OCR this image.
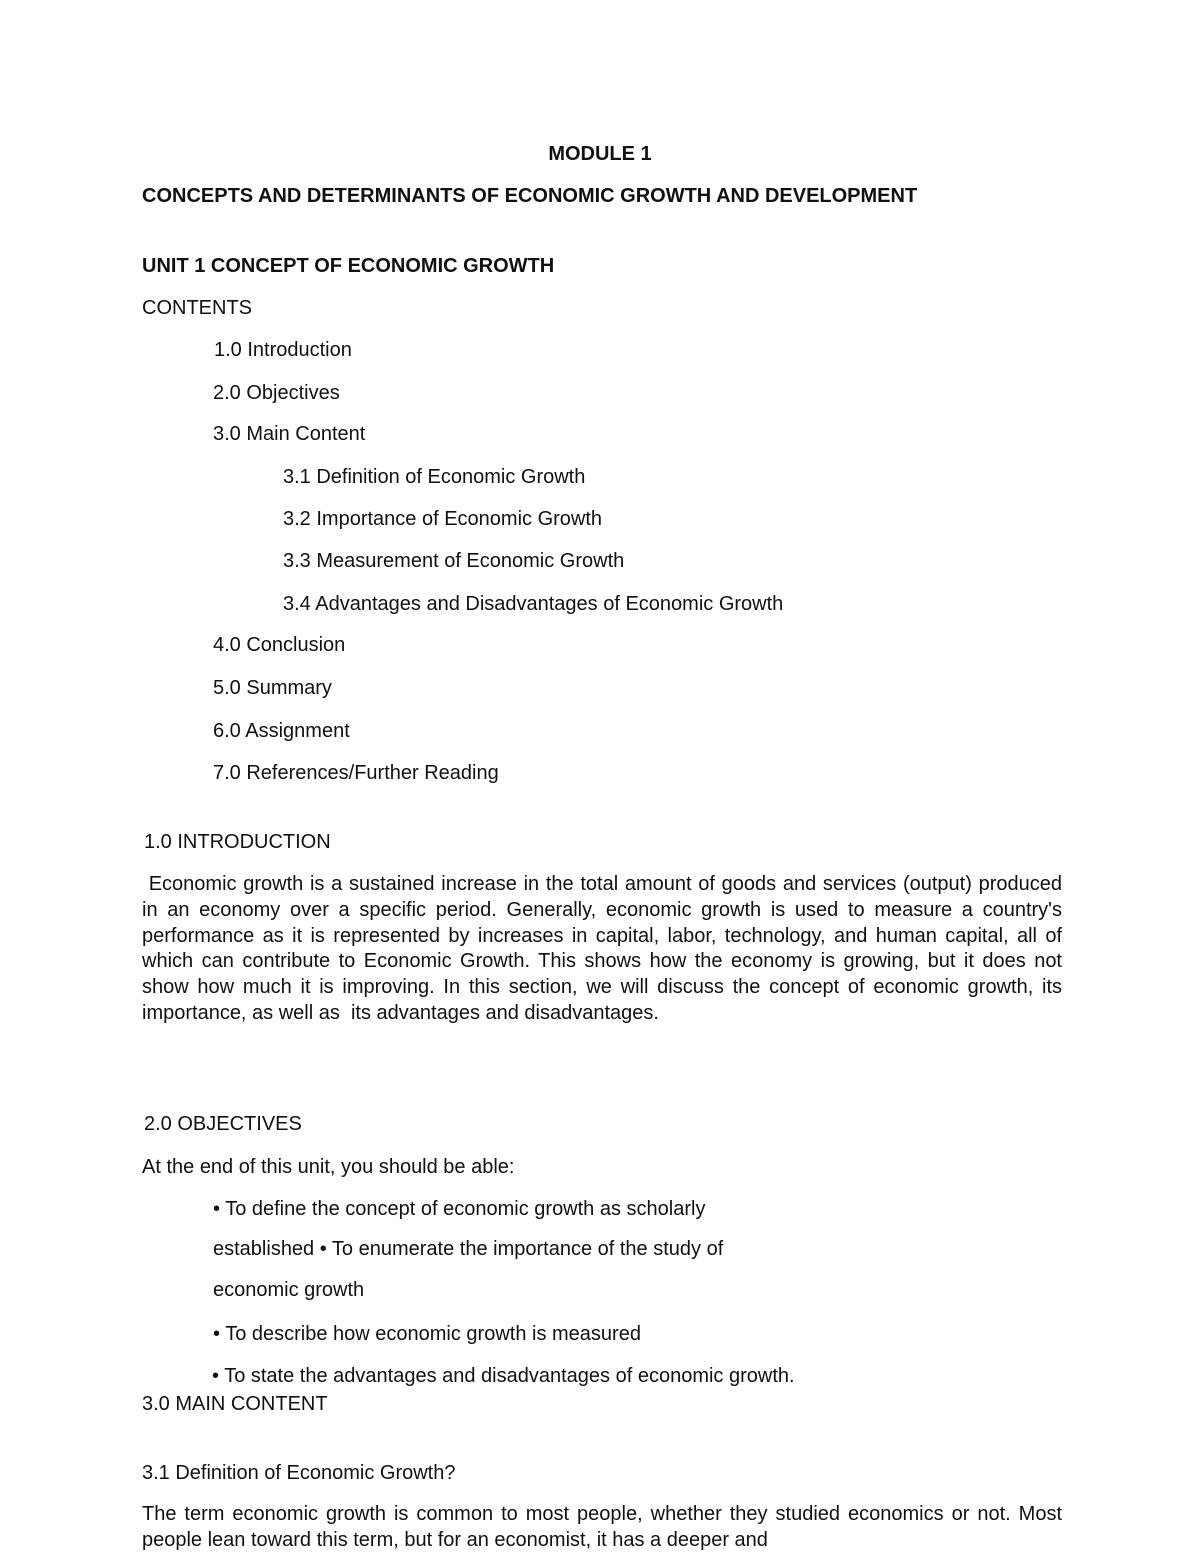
MODULE 1
CONCEPTS AND DETERMINANTS OF ECONOMIC GROWTH AND DEVELOPMENT
UNIT 1 CONCEPT OF ECONOMIC GROWTH

CONTENTS

1.0 Introduction
2.0 Objectives
3.0 Main Content
3.1 Definition of Economic Growth
3.2 Importance of Economic Growth
3.3 Measurement of Economic Growth
3.4 Advantages and Disadvantages of Economic Growth
4.0 Conclusion
5.0 Summary
6.0 Assignment
7.0 References/Further Reading

1.0 INTRODUCTION

Economic growth is a sustained increase in the total amount of goods and services (output) produced in an economy over a specific period. Generally, economic growth is used to measure a country's performance as it is represented by increases in capital, labor, technology, and human capital, all of which can contribute to Economic Growth. This shows how the economy is growing, but it does not show how much it is improving. In this section, we will discuss the concept of economic growth, its importance, as well as  its advantages and disadvantages.

2.0 OBJECTIVES

At the end of this unit, you should be able:

• To define the concept of economic growth as scholarly
established • To enumerate the importance of the study of
economic growth
• To describe how economic growth is measured
• To state the advantages and disadvantages of economic growth.

3.0 MAIN CONTENT

3.1 Definition of Economic Growth?

The term economic growth is common to most people, whether they studied economics or not. Most people lean toward this term, but for an economist, it has a deeper and
